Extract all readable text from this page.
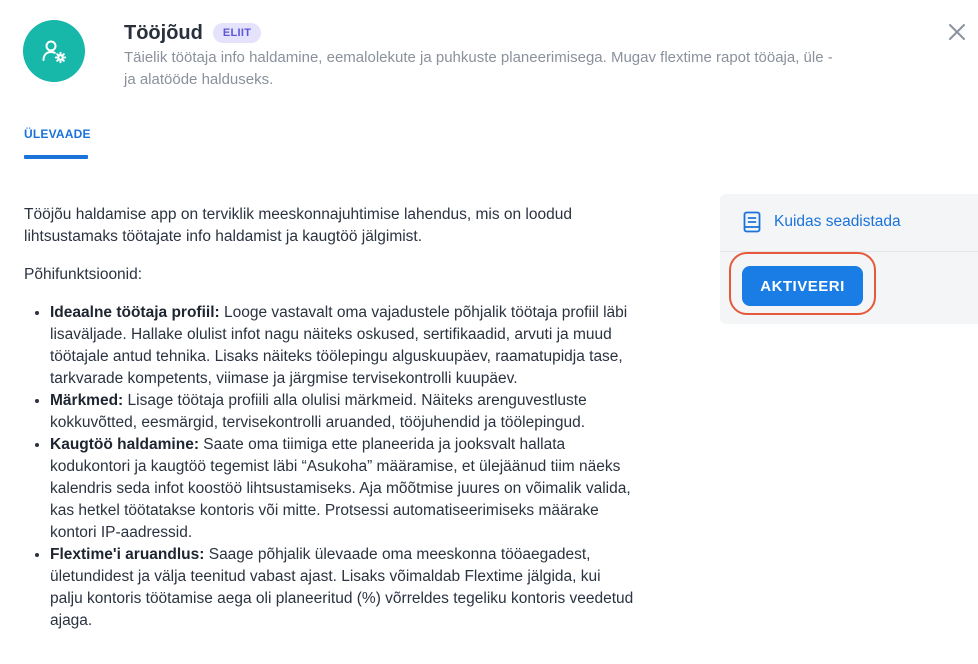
Tööjõud	ELIIT
Täielik töötaja info haldamine, eemalolekute ja puhkuste planeerimisega. Mugav flextime rapot tööaja, üle -ja alatööde halduseks.
ÜLEVAADE

Tööjõu haldamise app on terviklik meeskonnajuhtimise lahendus, mis on loodud lihtsustamaks töötajate info haldamist ja kaugtöö jälgimist.

Põhifunktsioonid:

• Ideaalne töötaja profiil: Looge vastavalt oma vajadustele põhjalik töötaja profiil läbi lisaväljade. Hallake olulist infot nagu näiteks oskused, sertifikaadid, arvuti ja muud töötajale antud tehnika. Lisaks näiteks töölepingu alguskuupäev, raamatupidja tase, tarkvarade kompetents, viimase ja järgmise tervisekontrolli kuupäev.
• Märkmed: Lisage töötaja profiili alla olulisi märkmeid. Näiteks arenguvestluste kokkuvõtted, eesmärgid, tervisekontrolli aruanded, tööjuhendid ja töölepingud.
• Kaugtöö haldamine: Saate oma tiimiga ette planeerida ja jooksvalt hallata kodukontori ja kaugtöö tegemist läbi “Asukoha” määramise, et ülejäänud tiim näeks kalendris seda infot koostöö lihtsustamiseks. Aja mõõtmise juures on võimalik valida, kas hetkel töötatakse kontoris või mitte. Protsessi automatiseerimiseks määrake kontori IP-aadressid.
• Flextime'i aruandlus: Saage põhjalik ülevaade oma meeskonna tööaegadest, ületundidest ja välja teenitud vabast ajast. Lisaks võimaldab Flextime jälgida, kui palju kontoris töötamise aega oli planeeritud (%) võrreldes tegeliku kontoris veedetud ajaga.
Kuidas seadistada
AKTIVEERI
